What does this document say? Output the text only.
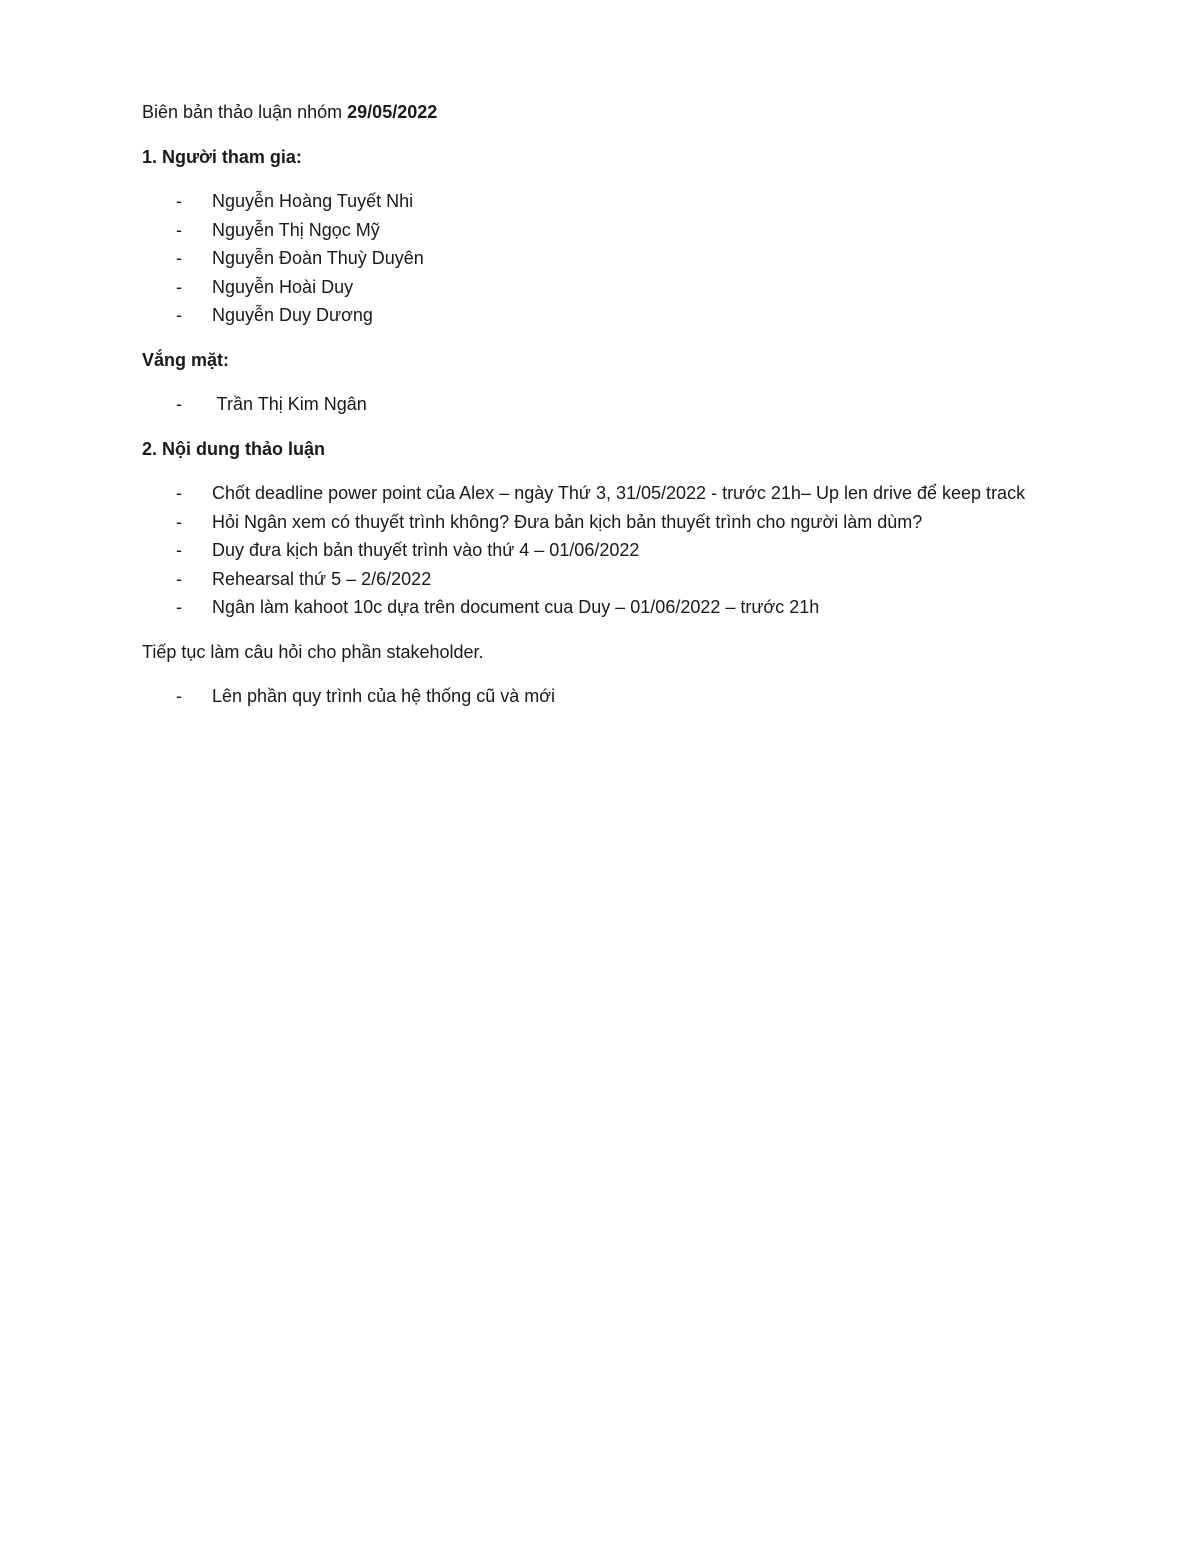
Biên bản thảo luận nhóm 29/05/2022

1. Người tham gia:

- Nguyễn Hoàng Tuyết Nhi
- Nguyễn Thị Ngọc Mỹ
- Nguyễn Đoàn Thuỳ Duyên
- Nguyễn Hoài Duy
- Nguyễn Duy Dương

Vắng mặt:

- Trần Thị Kim Ngân

2. Nội dung thảo luận

- Chốt deadline power point của Alex – ngày Thứ 3, 31/05/2022 - trước 21h– Up len drive để keep track
- Hỏi Ngân xem có thuyết trình không? Đưa bản kịch bản thuyết trình cho người làm dùm?
- Duy đưa kịch bản thuyết trình vào thứ 4 – 01/06/2022
- Rehearsal thứ 5 – 2/6/2022
- Ngân làm kahoot 10c dựa trên document cua Duy – 01/06/2022 – trước 21h

Tiếp tục làm câu hỏi cho phần stakeholder.

- Lên phần quy trình của hệ thống cũ và mới
